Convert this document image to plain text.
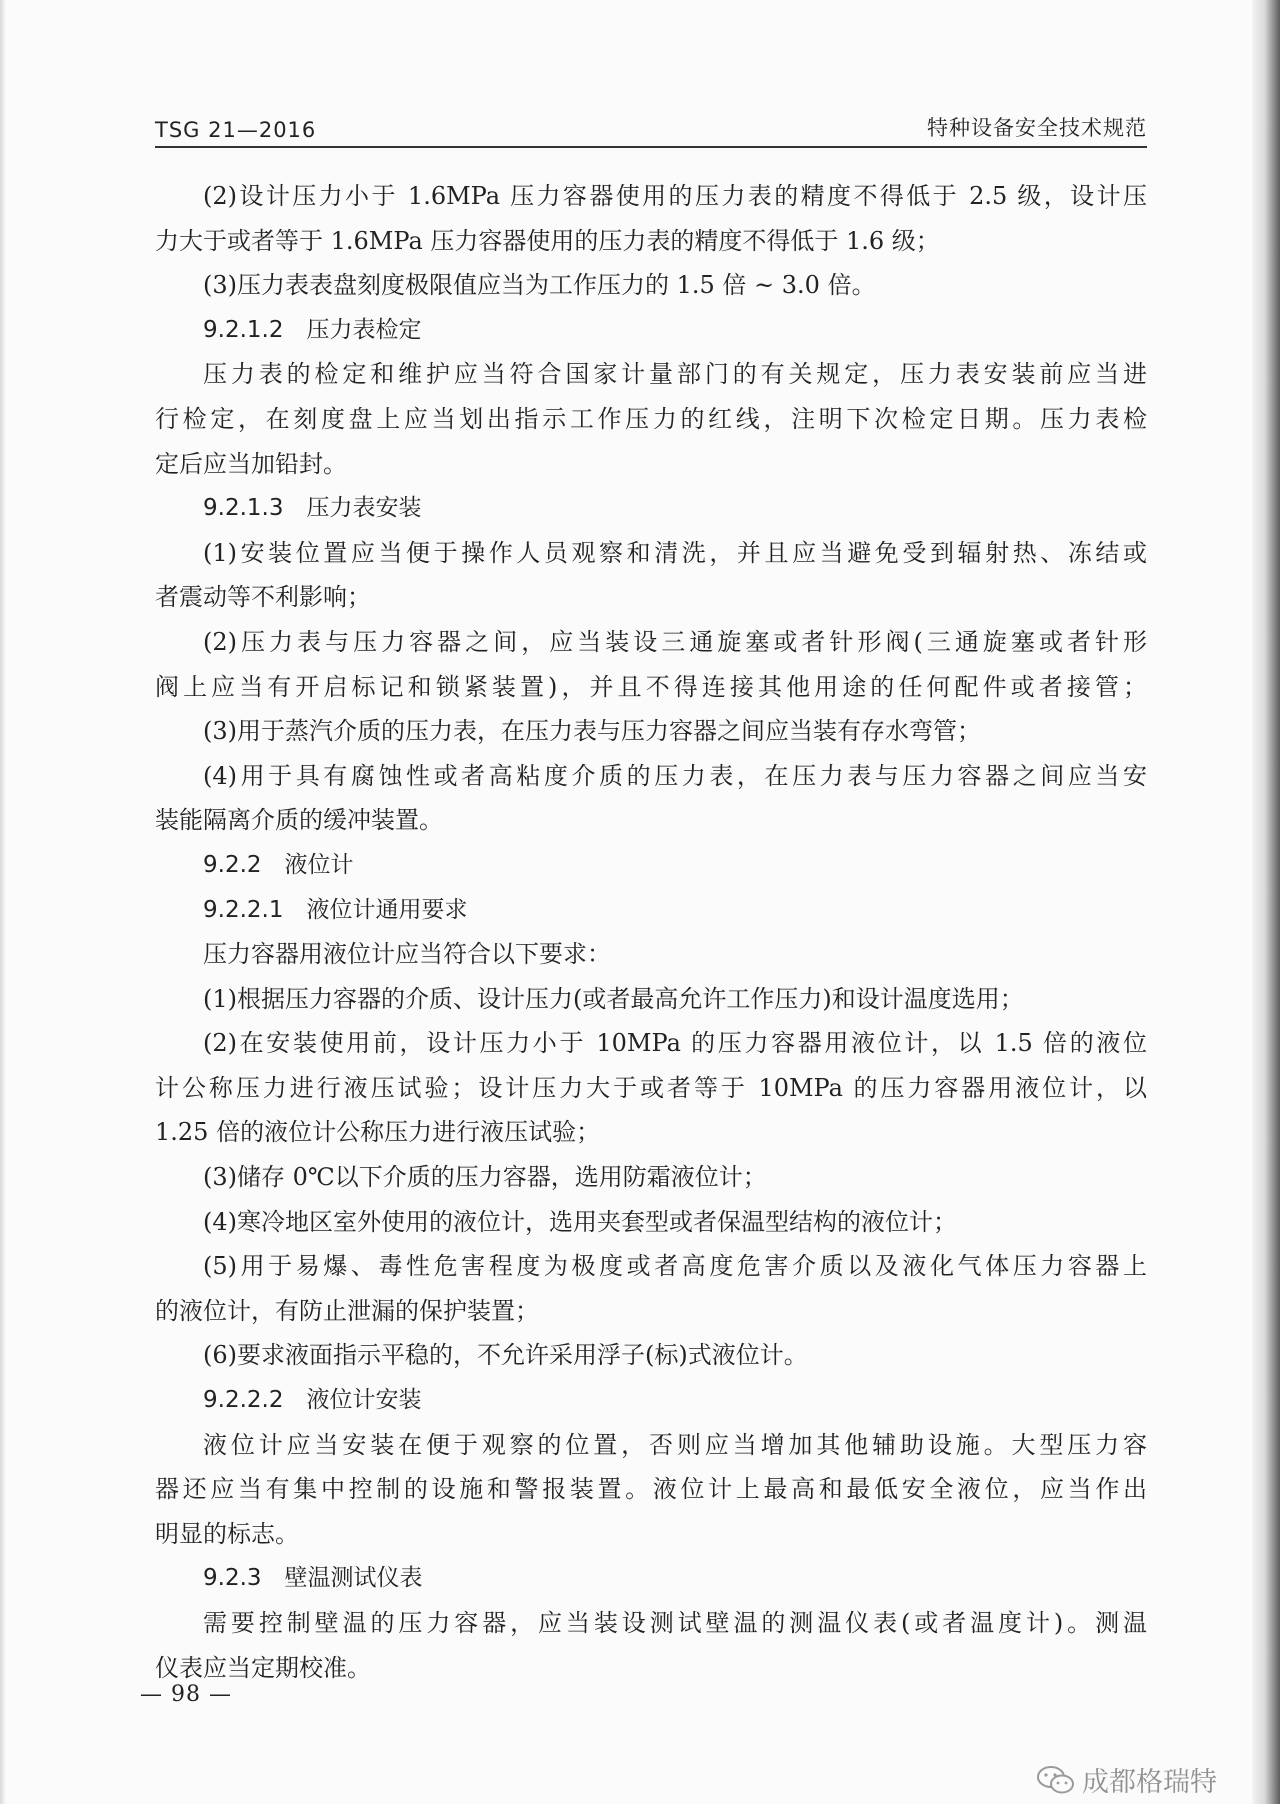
TSG 21—2016	特种设备安全技术规范
(2)设计压力小于 1.6MPa 压力容器使用的压力表的精度不得低于 2.5 级，设计压
力大于或者等于 1.6MPa 压力容器使用的压力表的精度不得低于 1.6 级；
(3)压力表表盘刻度极限值应当为工作压力的 1.5 倍 ~ 3.0 倍。
9.2.1.2　压力表检定
压力表的检定和维护应当符合国家计量部门的有关规定，压力表安装前应当进
行检定，在刻度盘上应当划出指示工作压力的红线，注明下次检定日期。压力表检
定后应当加铅封。
9.2.1.3　压力表安装
(1)安装位置应当便于操作人员观察和清洗，并且应当避免受到辐射热、冻结或
者震动等不利影响；
(2)压力表与压力容器之间，应当装设三通旋塞或者针形阀(三通旋塞或者针形
阀上应当有开启标记和锁紧装置)，并且不得连接其他用途的任何配件或者接管；
(3)用于蒸汽介质的压力表，在压力表与压力容器之间应当装有存水弯管；
(4)用于具有腐蚀性或者高粘度介质的压力表，在压力表与压力容器之间应当安
装能隔离介质的缓冲装置。
9.2.2　液位计
9.2.2.1　液位计通用要求
压力容器用液位计应当符合以下要求：
(1)根据压力容器的介质、设计压力(或者最高允许工作压力)和设计温度选用；
(2)在安装使用前，设计压力小于 10MPa 的压力容器用液位计，以 1.5 倍的液位
计公称压力进行液压试验；设计压力大于或者等于 10MPa 的压力容器用液位计，以
1.25 倍的液位计公称压力进行液压试验；
(3)储存 0℃以下介质的压力容器，选用防霜液位计；
(4)寒冷地区室外使用的液位计，选用夹套型或者保温型结构的液位计；
(5)用于易爆、毒性危害程度为极度或者高度危害介质以及液化气体压力容器上
的液位计，有防止泄漏的保护装置；
(6)要求液面指示平稳的，不允许采用浮子(标)式液位计。
9.2.2.2　液位计安装
液位计应当安装在便于观察的位置，否则应当增加其他辅助设施。大型压力容
器还应当有集中控制的设施和警报装置。液位计上最高和最低安全液位，应当作出
明显的标志。
9.2.3　壁温测试仪表
需要控制壁温的压力容器，应当装设测试壁温的测温仪表(或者温度计)。测温
仪表应当定期校准。
— 98 —
成都格瑞特
